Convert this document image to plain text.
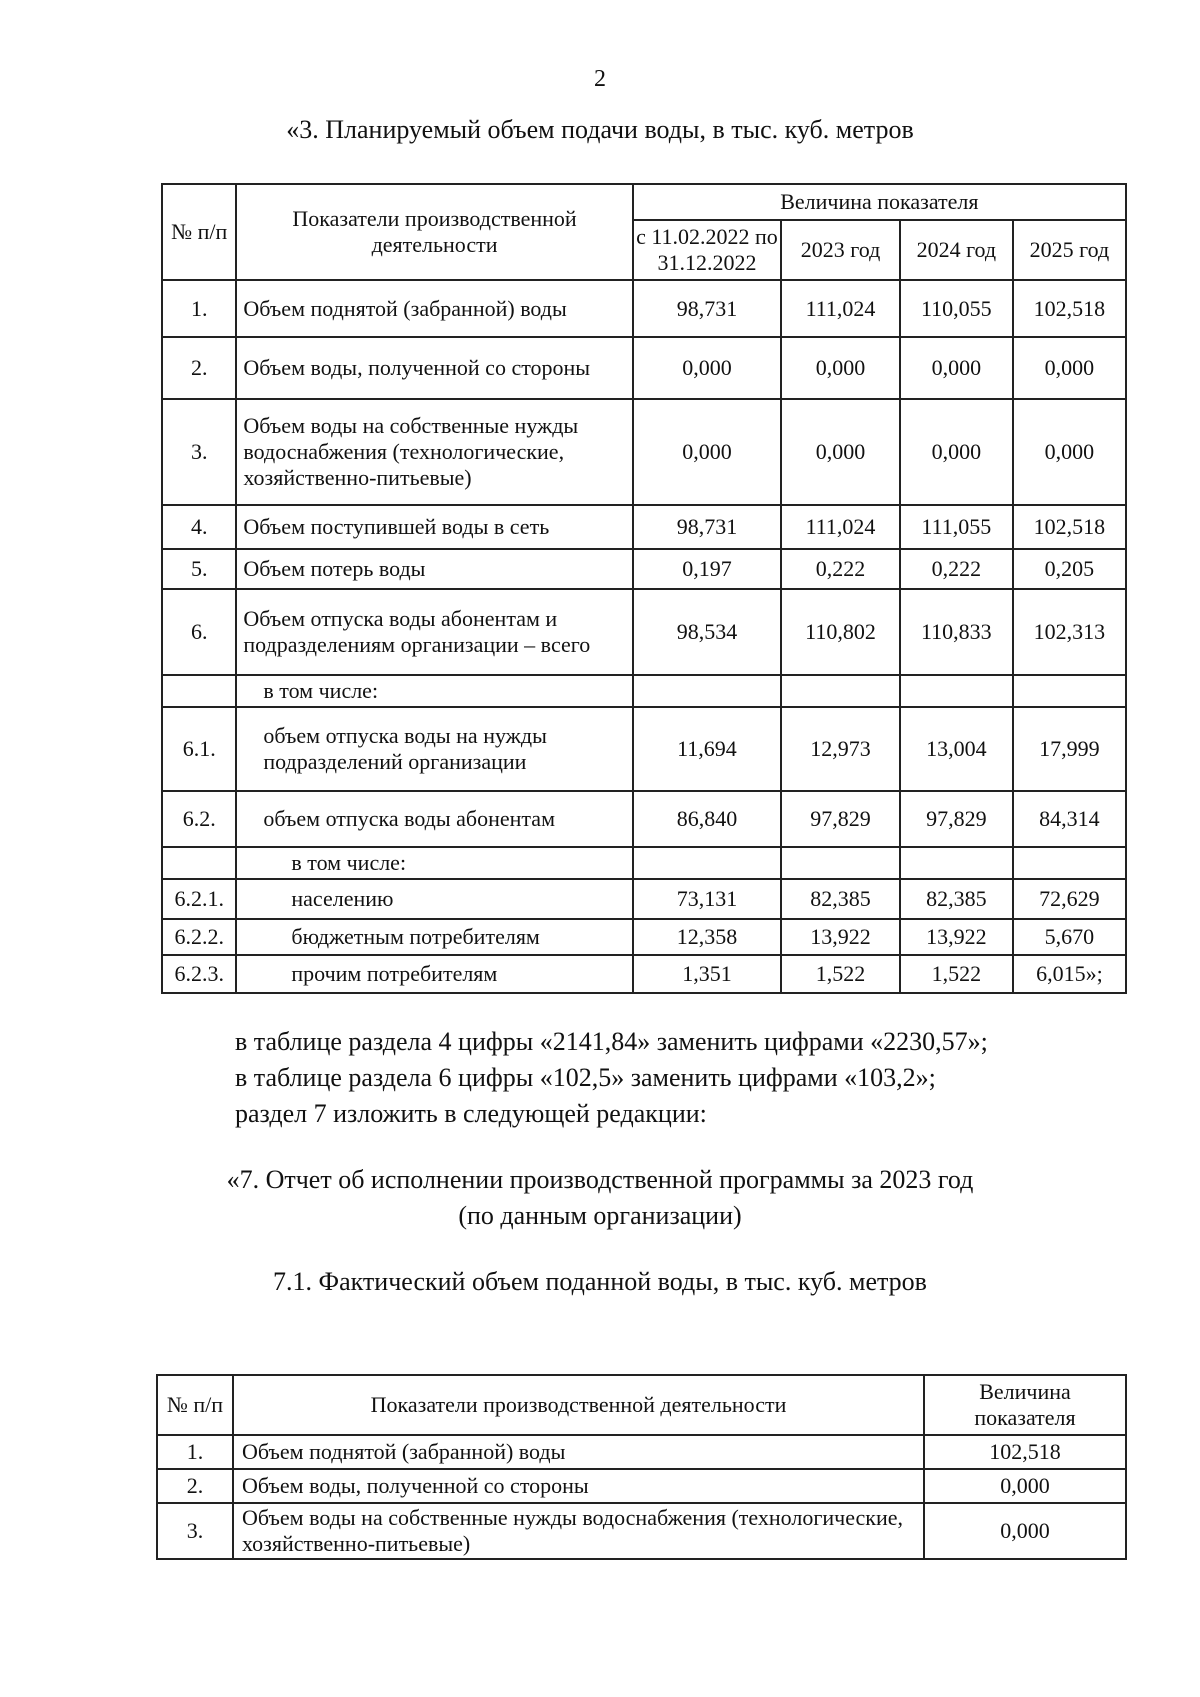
2
«3. Планируемый объем подачи воды, в тыс. куб. метров
№ п/п	Показатели производственной деятельности	Величина показателя			
		с 11.02.2022 по 31.12.2022	2023 год	2024 год	2025 год
1.	Объем поднятой (забранной) воды	98,731	111,024	110,055	102,518
2.	Объем воды, полученной со стороны	0,000	0,000	0,000	0,000
3.	Объем воды на собственные нужды водоснабжения (технологические, хозяйственно-питьевые)	0,000	0,000	0,000	0,000
4.	Объем поступившей воды в сеть	98,731	111,024	111,055	102,518
5.	Объем потерь воды	0,197	0,222	0,222	0,205
6.	Объем отпуска воды абонентам и подразделениям организации – всего	98,534	110,802	110,833	102,313
	в том числе:				
6.1.	объем отпуска воды на нужды подразделений организации	11,694	12,973	13,004	17,999
6.2.	объем отпуска воды абонентам	86,840	97,829	97,829	84,314
	в том числе:				
6.2.1.	населению	73,131	82,385	82,385	72,629
6.2.2.	бюджетным потребителям	12,358	13,922	13,922	5,670
6.2.3.	прочим потребителям	1,351	1,522	1,522	6,015»;
в таблице раздела 4 цифры «2141,84» заменить цифрами «2230,57»;
в таблице раздела 6 цифры «102,5» заменить цифрами «103,2»;
раздел 7 изложить в следующей редакции:
«7. Отчет об исполнении производственной программы за 2023 год
(по данным организации)
7.1. Фактический объем поданной воды, в тыс. куб. метров
№ п/п	Показатели производственной деятельности	Величина показателя
1.	Объем поднятой (забранной) воды	102,518
2.	Объем воды, полученной со стороны	0,000
3.	Объем воды на собственные нужды водоснабжения (технологические, хозяйственно-питьевые)	0,000
